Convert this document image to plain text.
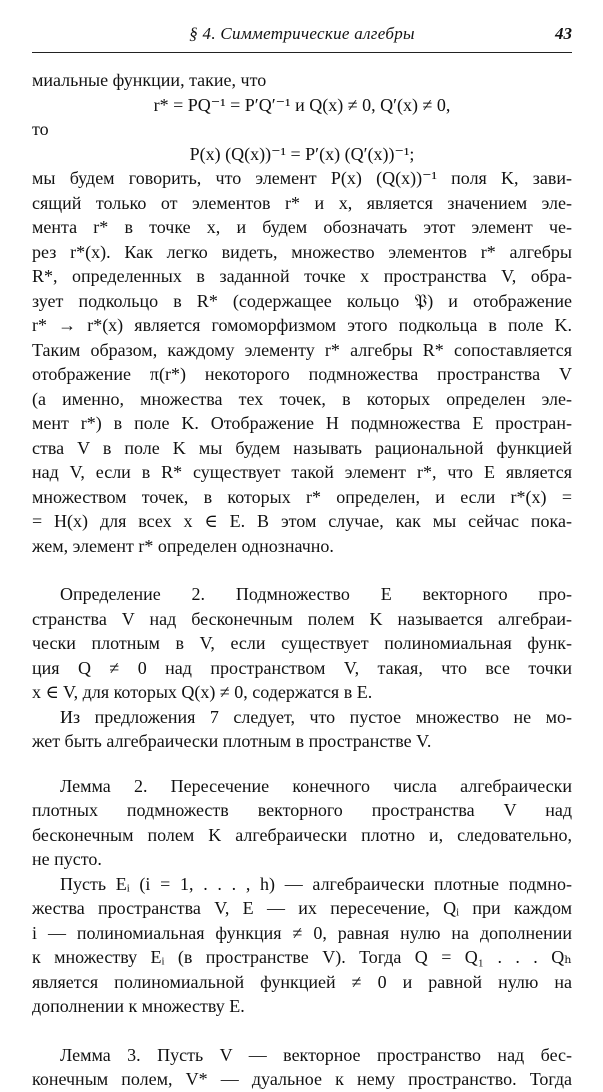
§ 4. Симметрические алгебры	43
миальные функции, такие, что
r* = PQ⁻¹ = P′Q′⁻¹ и Q(x) ≠ 0, Q′(x) ≠ 0,
то
P(x) (Q(x))⁻¹ = P′(x) (Q′(x))⁻¹;
мы будем говорить, что элемент P(x) (Q(x))⁻¹ поля K, зави-
сящий только от элементов r* и x, является значением эле-
мента r* в точке x, и будем обозначать этот элемент че-
рез r*(x). Как легко видеть, множество элементов r* алгебры
R*, определенных в заданной точке x пространства V, обра-
зует подкольцо в R* (содержащее кольцо 𝔓) и отображение
r* → r*(x) является гомоморфизмом этого подкольца в поле K.
Таким образом, каждому элементу r* алгебры R* сопоставляется
отображение π(r*) некоторого подмножества пространства V
(а именно, множества тех точек, в которых определен эле-
мент r*) в поле K. Отображение H подмножества E простран-
ства V в поле K мы будем называть рациональной функцией
над V, если в R* существует такой элемент r*, что E является
множеством точек, в которых r* определен, и если r*(x) =
= H(x) для всех x ∈ E. В этом случае, как мы сейчас пока-
жем, элемент r* определен однозначно.
Определение 2. Подмножество E векторного про-
странства V над бесконечным полем K называется алгебраи-
чески плотным в V, если существует полиномиальная функ-
ция Q ≠ 0 над пространством V, такая, что все точки
x ∈ V, для которых Q(x) ≠ 0, содержатся в E.
Из предложения 7 следует, что пустое множество не мо-
жет быть алгебраически плотным в пространстве V.
Лемма 2. Пересечение конечного числа алгебраически
плотных подмножеств векторного пространства V над
бесконечным полем K алгебраически плотно и, следовательно,
не пусто.
Пусть Eᵢ (i = 1, . . . , h) — алгебраически плотные подмно-
жества пространства V, E — их пересечение, Qᵢ при каждом
i — полиномиальная функция ≠ 0, равная нулю на дополнении
к множеству Eᵢ (в пространстве V). Тогда Q = Q₁ . . . Qₕ
является полиномиальной функцией ≠ 0 и равной нулю на
дополнении к множеству E.
Лемма 3. Пусть V — векторное пространство над бес-
конечным полем, V* — дуальное к нему пространство. Тогда
